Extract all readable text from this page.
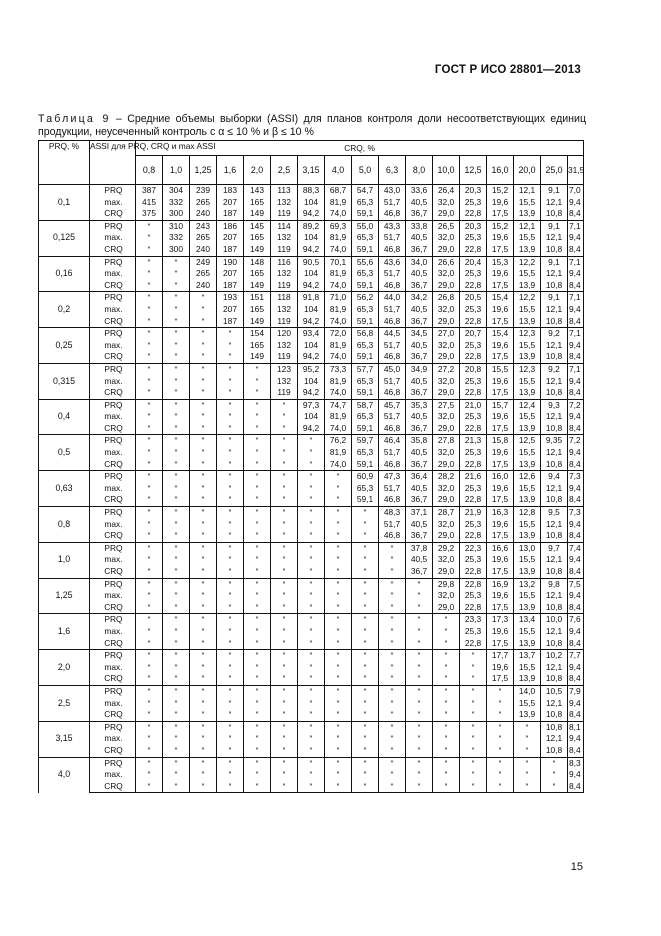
ГОСТ Р ИСО 28801—2013
Таблица 9 – Средние объемы выборки (ASSI) для планов контроля доли несоответствующих единиц продукции, неусеченный контроль с α ≤ 10 % и β ≤ 10 %
PRQ, %	ASSI для PRQ, CRQ и max ASSI	CRQ, %																
		0,8	1,0	1,25	1,6	2,0	2,5	3,15	4,0	5,0	6,3	8,0	10,0	12,5	16,0	20,0	25,0	31,5
0,1	PRQ	387	304	239	183	143	113	88,3	68,7	54,7	43,0	33,6	26,4	20,3	15,2	12,1	9,1	7,0
	max.	415	332	265	207	165	132	104	81,9	65,3	51,7	40,5	32,0	25,3	19,6	15,5	12,1	9,4
	CRQ	375	300	240	187	149	119	94,2	74,0	59,1	46,8	36,7	29,0	22,8	17,5	13,9	10,8	8,4
0,125	PRQ	*	310	243	186	145	114	89,2	69,3	55,0	43,3	33,8	26,5	20,3	15,2	12,1	9,1	7,1
	max.	*	332	265	207	165	132	104	81,9	65,3	51,7	40,5	32,0	25,3	19,6	15,5	12,1	9,4
	CRQ	*	300	240	187	149	119	94,2	74,0	59,1	46,8	36,7	29,0	22,8	17,5	13,9	10,8	8,4
0,16	PRQ	*	*	249	190	148	116	90,5	70,1	55,6	43,6	34,0	26,6	20,4	15,3	12,2	9,1	7,1
	max.	*	*	265	207	165	132	104	81,9	65,3	51,7	40,5	32,0	25,3	19,6	15,5	12,1	9,4
	CRQ	*	*	240	187	149	119	94,2	74,0	59,1	46,8	36,7	29,0	22,8	17,5	13,9	10,8	8,4
0,2	PRQ	*	*	*	193	151	118	91,8	71,0	56,2	44,0	34,2	26,8	20,5	15,4	12,2	9,1	7,1
	max.	*	*	*	207	165	132	104	81,9	65,3	51,7	40,5	32,0	25,3	19,6	15,5	12,1	9,4
	CRQ	*	*	*	187	149	119	94,2	74,0	59,1	46,8	36,7	29,0	22,8	17,5	13,9	10,8	8,4
0,25	PRQ	*	*	*	*	154	120	93,4	72,0	56,8	44,5	34,5	27,0	20,7	15,4	12,3	9,2	7,1
	max.	*	*	*	*	165	132	104	81,9	65,3	51,7	40,5	32,0	25,3	19,6	15,5	12,1	9,4
	CRQ	*	*	*	*	149	119	94,2	74,0	59,1	46,8	36,7	29,0	22,8	17,5	13,9	10,8	8,4
0,315	PRQ	*	*	*	*	*	123	95,2	73,3	57,7	45,0	34,9	27,2	20,8	15,5	12,3	9,2	7,1
	max.	*	*	*	*	*	132	104	81,9	65,3	51,7	40,5	32,0	25,3	19,6	15,5	12,1	9,4
	CRQ	*	*	*	*	*	119	94,2	74,0	59,1	46,8	36,7	29,0	22,8	17,5	13,9	10,8	8,4
0,4	PRQ	*	*	*	*	*	*	97,3	74,7	58,7	45,7	35,3	27,5	21,0	15,7	12,4	9,3	7,2
	max.	*	*	*	*	*	*	104	81,9	65,3	51,7	40,5	32,0	25,3	19,6	15,5	12,1	9,4
	CRQ	*	*	*	*	*	*	94,2	74,0	59,1	46,8	36,7	29,0	22,8	17,5	13,9	10,8	8,4
0,5	PRQ	*	*	*	*	*	*	*	76,2	59,7	46,4	35,8	27,8	21,3	15,8	12,5	9,35	7,2
	max.	*	*	*	*	*	*	*	81,9	65,3	51,7	40,5	32,0	25,3	19,6	15,5	12,1	9,4
	CRQ	*	*	*	*	*	*	*	74,0	59,1	46,8	36,7	29,0	22,8	17,5	13,9	10,8	8,4
0,63	PRQ	*	*	*	*	*	*	*	*	60,9	47,3	36,4	28,2	21,6	16,0	12,6	9,4	7,3
	max.	*	*	*	*	*	*	*	*	65,3	51,7	40,5	32,0	25,3	19,6	15,5	12,1	9,4
	CRQ	*	*	*	*	*	*	*	*	59,1	46,8	36,7	29,0	22,8	17,5	13,9	10,8	8,4
0,8	PRQ	*	*	*	*	*	*	*	*	*	48,3	37,1	28,7	21,9	16,3	12,8	9,5	7,3
	max.	*	*	*	*	*	*	*	*	*	51,7	40,5	32,0	25,3	19,6	15,5	12,1	9,4
	CRQ	*	*	*	*	*	*	*	*	*	46,8	36,7	29,0	22,8	17,5	13,9	10,8	8,4
1,0	PRQ	*	*	*	*	*	*	*	*	*	*	37,8	29,2	22,3	16,6	13,0	9,7	7,4
	max.	*	*	*	*	*	*	*	*	*	*	40,5	32,0	25,3	19,6	15,5	12,1	9,4
	CRQ	*	*	*	*	*	*	*	*	*	*	36,7	29,0	22,8	17,5	13,9	10,8	8,4
1,25	PRQ	*	*	*	*	*	*	*	*	*	*	*	29,8	22,8	16,9	13,2	9,8	7,5
	max.	*	*	*	*	*	*	*	*	*	*	*	32,0	25,3	19,6	15,5	12,1	9,4
	CRQ	*	*	*	*	*	*	*	*	*	*	*	29,0	22,8	17,5	13,9	10,8	8,4
1,6	PRQ	*	*	*	*	*	*	*	*	*	*	*	*	23,3	17,3	13,4	10,0	7,6
	max.	*	*	*	*	*	*	*	*	*	*	*	*	25,3	19,6	15,5	12,1	9,4
	CRQ	*	*	*	*	*	*	*	*	*	*	*	*	22,8	17,5	13,9	10,8	8,4
2,0	PRQ	*	*	*	*	*	*	*	*	*	*	*	*	*	17,7	13,7	10,2	7,7
	max.	*	*	*	*	*	*	*	*	*	*	*	*	*	19,6	15,5	12,1	9,4
	CRQ	*	*	*	*	*	*	*	*	*	*	*	*	*	17,5	13,9	10,8	8,4
2,5	PRQ	*	*	*	*	*	*	*	*	*	*	*	*	*	*	14,0	10,5	7,9
	max.	*	*	*	*	*	*	*	*	*	*	*	*	*	*	15,5	12,1	9,4
	CRQ	*	*	*	*	*	*	*	*	*	*	*	*	*	*	13,9	10,8	8,4
3,15	PRQ	*	*	*	*	*	*	*	*	*	*	*	*	*	*	*	10,8	8,1
	max.	*	*	*	*	*	*	*	*	*	*	*	*	*	*	*	12,1	9,4
	CRQ	*	*	*	*	*	*	*	*	*	*	*	*	*	*	*	10,8	8,4
4,0	PRQ	*	*	*	*	*	*	*	*	*	*	*	*	*	*	*	*	8,3
	max.	*	*	*	*	*	*	*	*	*	*	*	*	*	*	*	*	9,4
	CRQ	*	*	*	*	*	*	*	*	*	*	*	*	*	*	*	*	8,4
15
